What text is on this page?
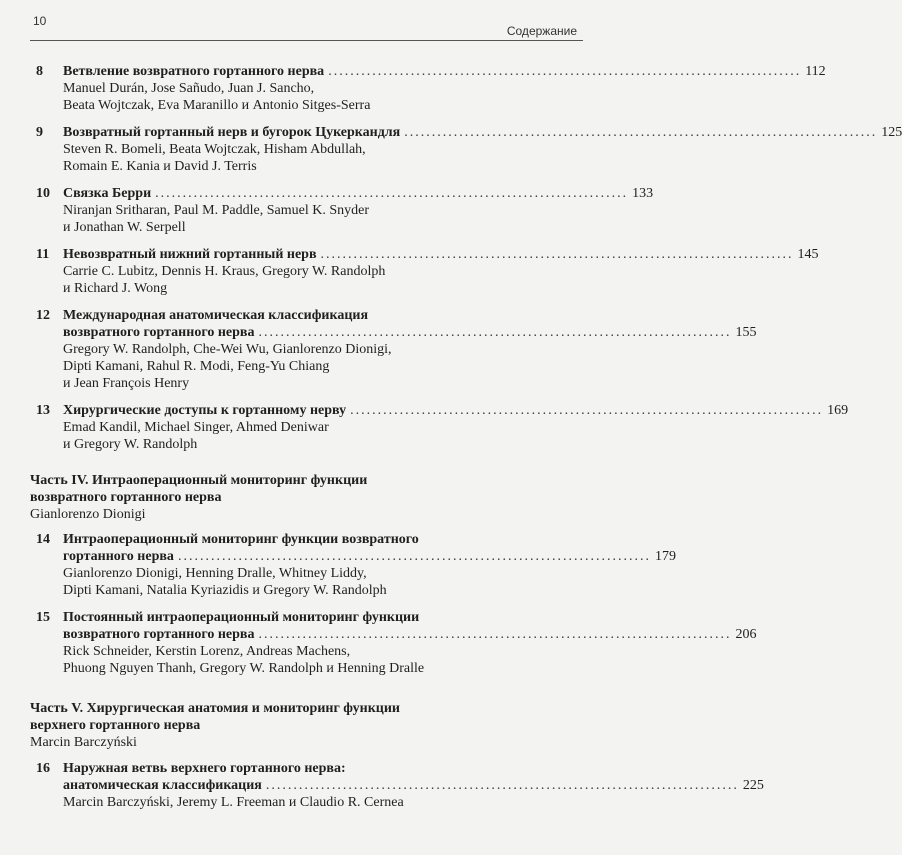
10
Содержание
8 Ветвление возвратного гортанного нерва ...................................................................................... 112
Manuel Durán, Jose Sañudo, Juan J. Sancho,
Beata Wojtczak, Eva Maranillo и Antonio Sitges-Serra
9 Возвратный гортанный нерв и бугорок Цукеркандля ...................................................................................... 125
Steven R. Bomeli, Beata Wojtczak, Hisham Abdullah,
Romain E. Kania и David J. Terris
10 Связка Берри ...................................................................................... 133
Niranjan Sritharan, Paul M. Paddle, Samuel K. Snyder
и Jonathan W. Serpell
11 Невозвратный нижний гортанный нерв ...................................................................................... 145
Carrie C. Lubitz, Dennis H. Kraus, Gregory W. Randolph
и Richard J. Wong
12 Международная анатомическая классификация
возвратного гортанного нерва ...................................................................................... 155
Gregory W. Randolph, Che-Wei Wu, Gianlorenzo Dionigi,
Dipti Kamani, Rahul R. Modi, Feng-Yu Chiang
и Jean François Henry
13 Хирургические доступы к гортанному нерву ...................................................................................... 169
Emad Kandil, Michael Singer, Ahmed Deniwar
и Gregory W. Randolph
Часть IV. Интраоперационный мониторинг функции
возвратного гортанного нерва
Gianlorenzo Dionigi
14 Интраоперационный мониторинг функции возвратного
гортанного нерва ...................................................................................... 179
Gianlorenzo Dionigi, Henning Dralle, Whitney Liddy,
Dipti Kamani, Natalia Kyriazidis и Gregory W. Randolph
15 Постоянный интраоперационный мониторинг функции
возвратного гортанного нерва ...................................................................................... 206
Rick Schneider, Kerstin Lorenz, Andreas Machens,
Phuong Nguyen Thanh, Gregory W. Randolph и Henning Dralle
Часть V. Хирургическая анатомия и мониторинг функции
верхнего гортанного нерва
Marcin Barczyński
16 Наружная ветвь верхнего гортанного нерва:
анатомическая классификация ...................................................................................... 225
Marcin Barczyński, Jeremy L. Freeman и Claudio R. Cernea
